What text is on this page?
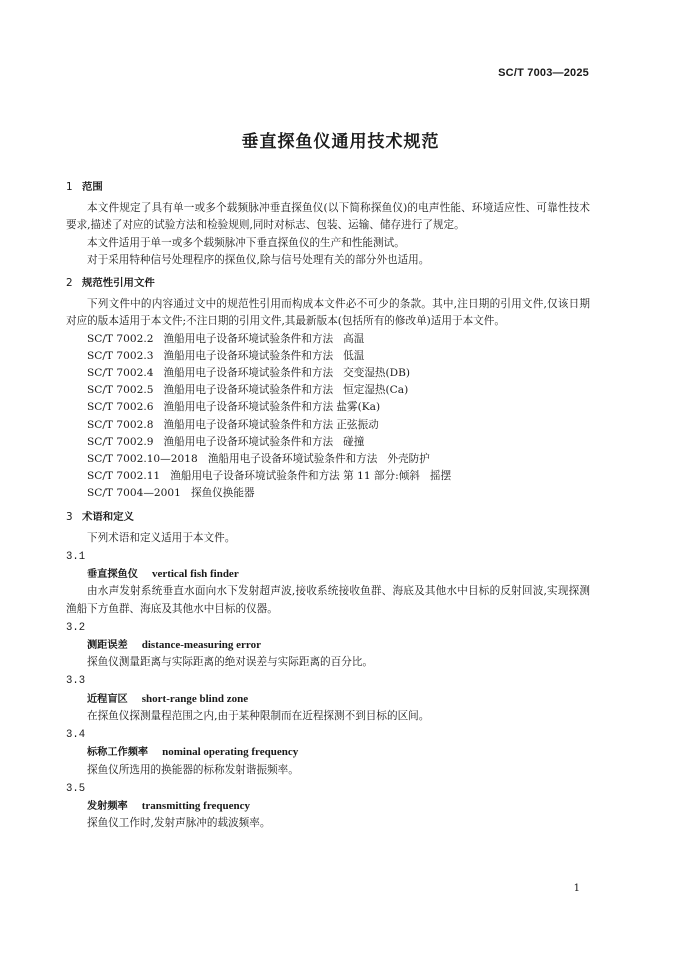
SC/T 7003—2025
垂直探鱼仪通用技术规范
1 范围
本文件规定了具有单一或多个载频脉冲垂直探鱼仪(以下简称探鱼仪)的电声性能、环境适应性、可靠性技术要求,描述了对应的试验方法和检验规则,同时对标志、包装、运输、储存进行了规定。
本文件适用于单一或多个载频脉冲下垂直探鱼仪的生产和性能测试。
对于采用特种信号处理程序的探鱼仪,除与信号处理有关的部分外也适用。
2 规范性引用文件
下列文件中的内容通过文中的规范性引用而构成本文件必不可少的条款。其中,注日期的引用文件,仅该日期对应的版本适用于本文件;不注日期的引用文件,其最新版本(包括所有的修改单)适用于本文件。
SC/T 7002.2   渔船用电子设备环境试验条件和方法   高温
SC/T 7002.3   渔船用电子设备环境试验条件和方法   低温
SC/T 7002.4   渔船用电子设备环境试验条件和方法   交变湿热(DB)
SC/T 7002.5   渔船用电子设备环境试验条件和方法   恒定湿热(Ca)
SC/T 7002.6   渔船用电子设备环境试验条件和方法 盐雾(Ka)
SC/T 7002.8   渔船用电子设备环境试验条件和方法 正弦振动
SC/T 7002.9   渔船用电子设备环境试验条件和方法   碰撞
SC/T 7002.10—2018   渔船用电子设备环境试验条件和方法   外壳防护
SC/T 7002.11   渔船用电子设备环境试验条件和方法 第 11 部分:倾斜   摇摆
SC/T 7004—2001   探鱼仪换能器
3 术语和定义
下列术语和定义适用于本文件。
3.1
垂直探鱼仪 vertical fish finder
由水声发射系统垂直水面向水下发射超声波,接收系统接收鱼群、海底及其他水中目标的反射回波,实现探测渔船下方鱼群、海底及其他水中目标的仪器。
3.2
测距误差 distance-measuring error
探鱼仪测量距离与实际距离的绝对误差与实际距离的百分比。
3.3
近程盲区 short-range blind zone
在探鱼仪探测量程范围之内,由于某种限制而在近程探测不到目标的区间。
3.4
标称工作频率 nominal operating frequency
探鱼仪所选用的换能器的标称发射谐振频率。
3.5
发射频率 transmitting frequency
探鱼仪工作时,发射声脉冲的载波频率。
1
